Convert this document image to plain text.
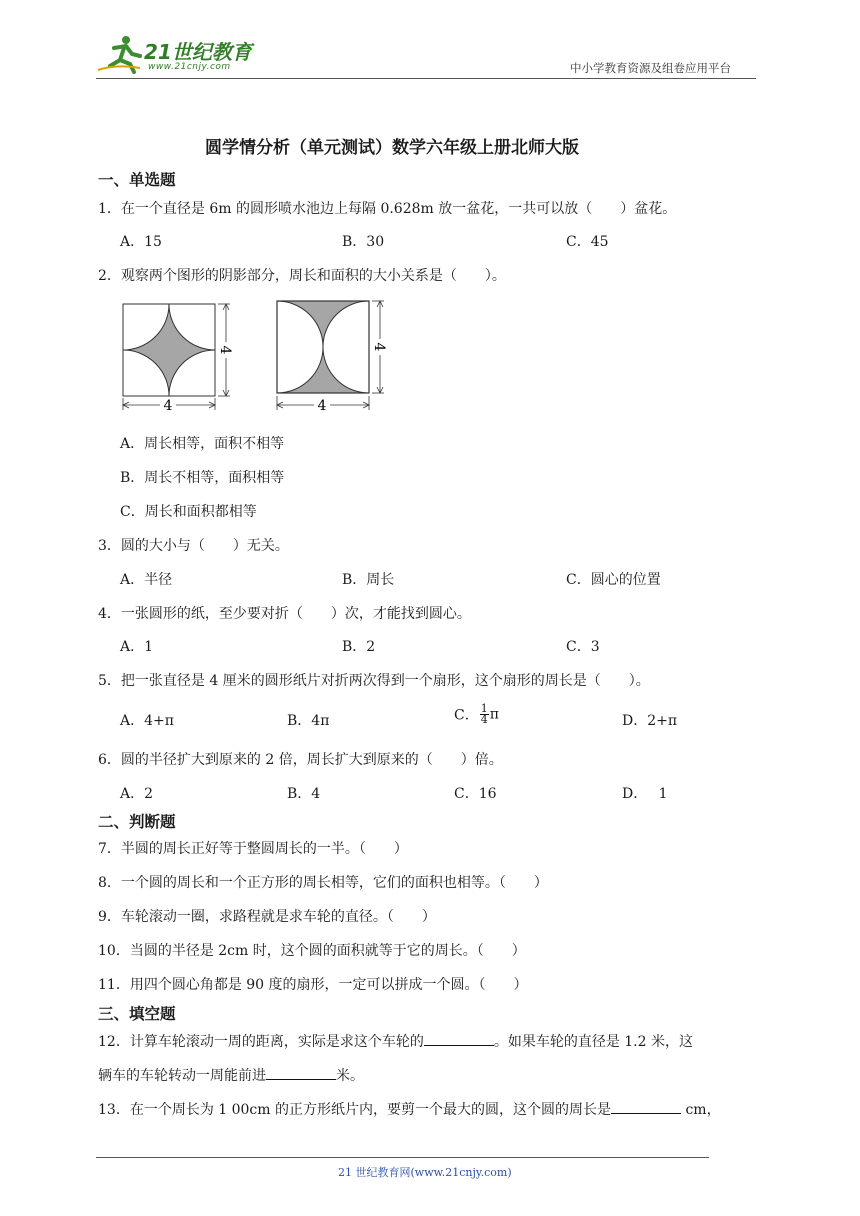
21世纪教育
www.21cnjy.com	中小学教育资源及组卷应用平台
圆学情分析（单元测试）数学六年级上册北师大版
一、单选题
1．在一个直径是 6m 的圆形喷水池边上每隔 0.628m 放一盆花，一共可以放（　　）盆花。
A．15	B．30	C．45
2．观察两个图形的阴影部分，周长和面积的大小关系是（　　）。
4
4
4
4
A．周长相等，面积不相等
B．周长不相等，面积相等
C．周长和面积都相等
3．圆的大小与（　　）无关。
A．半径	B．周长	C．圆心的位置
4．一张圆形的纸，至少要对折（　　）次，才能找到圆心。
A．1	B．2	C．3
5．把一张直径是 4 厘米的圆形纸片对折两次得到一个扇形，这个扇形的周长是（　　）。
A．4+π	B．4π	C． $\frac{1}{4}$ π	D．2+π
6．圆的半径扩大到原来的 2 倍，周长扩大到原来的（　　）倍。
A．2	B．4	C．16	D．　 1
二、判断题
7．半圆的周长正好等于整圆周长的一半。（　　）
8．一个圆的周长和一个正方形的周长相等，它们的面积也相等。（　　）
9．车轮滚动一圈，求路程就是求车轮的直径。（　　）
10．当圆的半径是 2cm 时，这个圆的面积就等于它的周长。（　　）
11．用四个圆心角都是 90 度的扇形，一定可以拼成一个圆。（　　）
三、填空题
12．计算车轮滚动一周的距离，实际是求这个车轮的	。如果车轮的直径是 1.2 米，这
辆车的车轮转动一周能前进	米。
13．在一个周长为 1 00cm 的正方形纸片内，要剪一个最大的圆，这个圆的周长是	cm，
21 世纪教育网(www.21cnjy.com)
